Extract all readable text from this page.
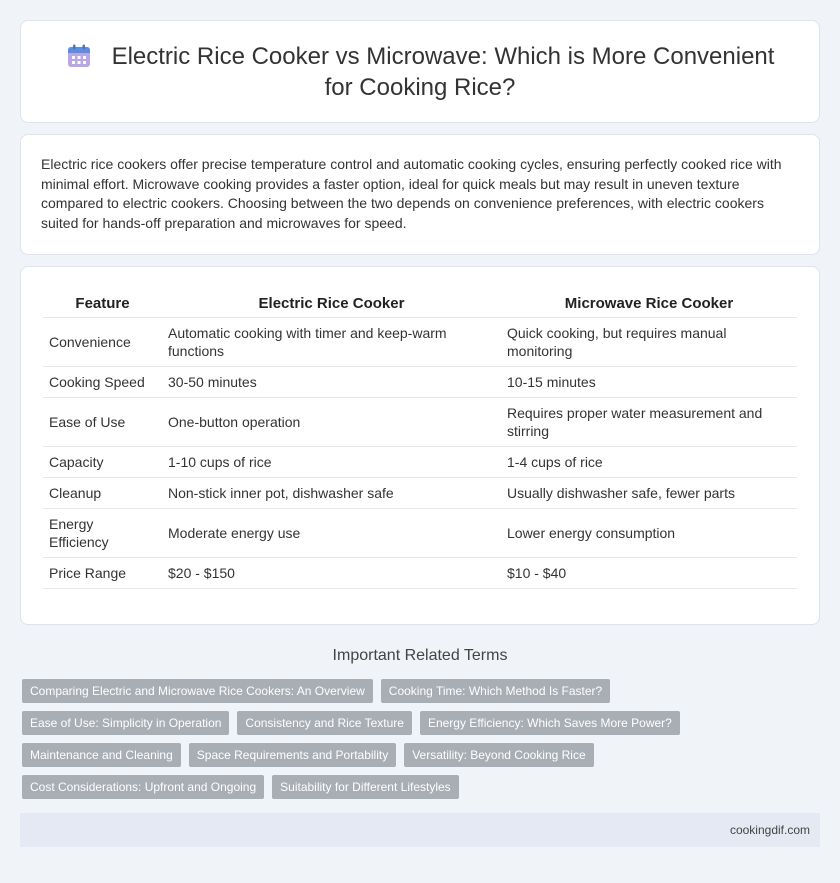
Electric Rice Cooker vs Microwave: Which is More Convenient for Cooking Rice?
Electric rice cookers offer precise temperature control and automatic cooking cycles, ensuring perfectly cooked rice with minimal effort. Microwave cooking provides a faster option, ideal for quick meals but may result in uneven texture compared to electric cookers. Choosing between the two depends on convenience preferences, with electric cookers suited for hands-off preparation and microwaves for speed.
Feature	Electric Rice Cooker	Microwave Rice Cooker
Convenience	Automatic cooking with timer and keep-warm functions	Quick cooking, but requires manual monitoring
Cooking Speed	30-50 minutes	10-15 minutes
Ease of Use	One-button operation	Requires proper water measurement and stirring
Capacity	1-10 cups of rice	1-4 cups of rice
Cleanup	Non-stick inner pot, dishwasher safe	Usually dishwasher safe, fewer parts
Energy Efficiency	Moderate energy use	Lower energy consumption
Price Range	$20 - $150	$10 - $40
Important Related Terms
Comparing Electric and Microwave Rice Cookers: An Overview	Cooking Time: Which Method Is Faster?
Ease of Use: Simplicity in Operation	Consistency and Rice Texture	Energy Efficiency: Which Saves More Power?
Maintenance and Cleaning	Space Requirements and Portability	Versatility: Beyond Cooking Rice
Cost Considerations: Upfront and Ongoing	Suitability for Different Lifestyles
cookingdif.com
